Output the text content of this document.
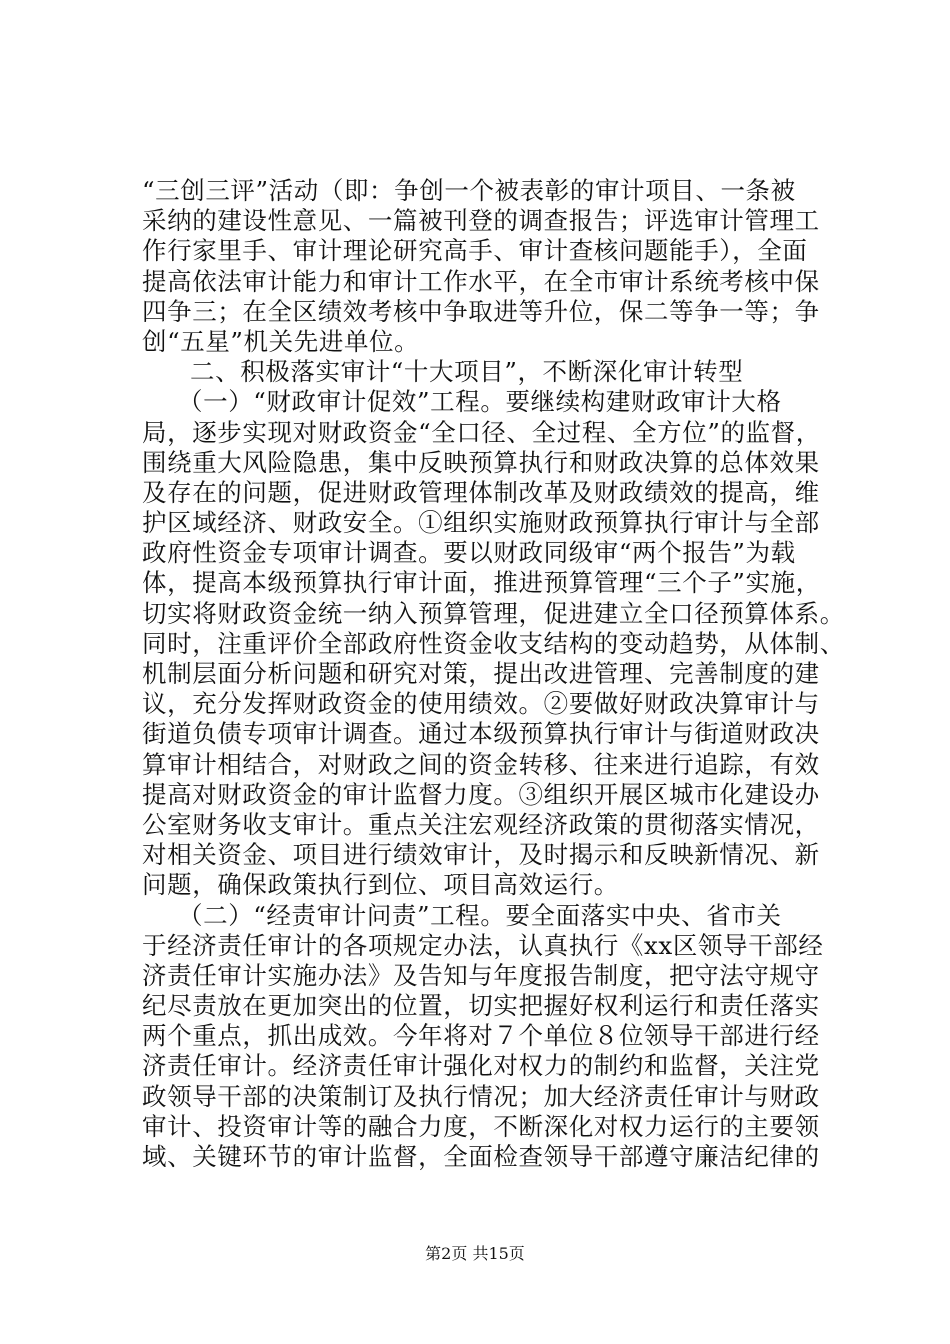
“三创三评”活动（即：争创一个被表彰的审计项目、一条被
采纳的建设性意见、一篇被刊登的调查报告；评选审计管理工
作行家里手、审计理论研究高手、审计查核问题能手），全面
提高依法审计能力和审计工作水平，在全市审计系统考核中保
四争三；在全区绩效考核中争取进等升位，保二等争一等；争
创“五星”机关先进单位。
二、积极落实审计“十大项目”，不断深化审计转型
（一）“财政审计促效”工程。要继续构建财政审计大格
局，逐步实现对财政资金“全口径、全过程、全方位”的监督，
围绕重大风险隐患，集中反映预算执行和财政决算的总体效果
及存在的问题，促进财政管理体制改革及财政绩效的提高，维
护区域经济、财政安全。①组织实施财政预算执行审计与全部
政府性资金专项审计调查。要以财政同级审“两个报告”为载
体，提高本级预算执行审计面，推进预算管理“三个子”实施，
切实将财政资金统一纳入预算管理，促进建立全口径预算体系。
同时，注重评价全部政府性资金收支结构的变动趋势，从体制、
机制层面分析问题和研究对策，提出改进管理、完善制度的建
议，充分发挥财政资金的使用绩效。②要做好财政决算审计与
街道负债专项审计调查。通过本级预算执行审计与街道财政决
算审计相结合，对财政之间的资金转移、往来进行追踪，有效
提高对财政资金的审计监督力度。③组织开展区城市化建设办
公室财务收支审计。重点关注宏观经济政策的贯彻落实情况，
对相关资金、项目进行绩效审计，及时揭示和反映新情况、新
问题，确保政策执行到位、项目高效运行。
（二）“经责审计问责”工程。要全面落实中央、省市关
于经济责任审计的各项规定办法，认真执行《xx区领导干部经
济责任审计实施办法》及告知与年度报告制度，把守法守规守
纪尽责放在更加突出的位置，切实把握好权利运行和责任落实
两个重点，抓出成效。今年将对７个单位８位领导干部进行经
济责任审计。经济责任审计强化对权力的制约和监督，关注党
政领导干部的决策制订及执行情况；加大经济责任审计与财政
审计、投资审计等的融合力度，不断深化对权力运行的主要领
域、关键环节的审计监督，全面检查领导干部遵守廉洁纪律的
第2页 共15页
